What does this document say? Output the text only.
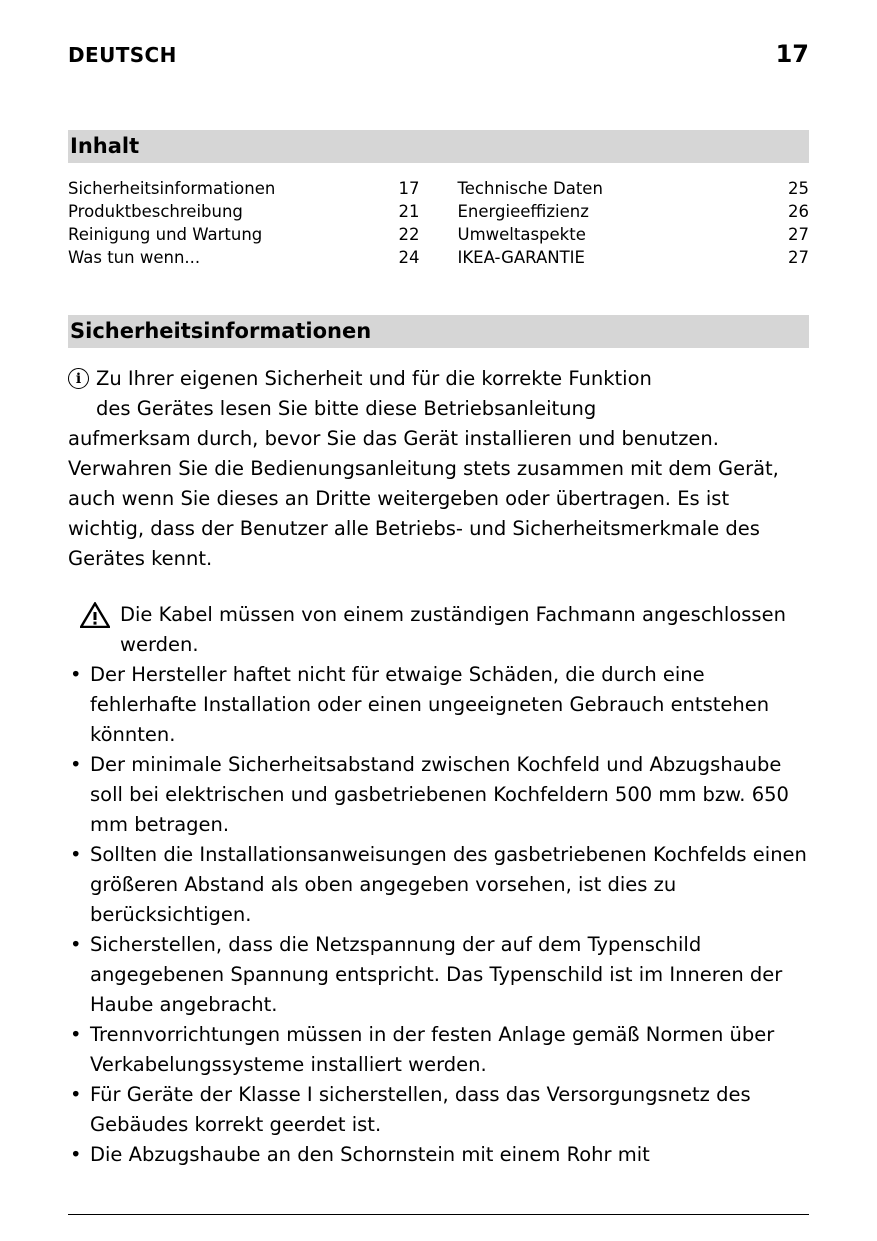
DEUTSCH	17
Inhalt
Sicherheitsinformationen	17
Produktbeschreibung	21
Reinigung und Wartung	22
Was tun wenn...	24
Technische Daten	25
Energieeffizienz	26
Umweltaspekte	27
IKEA-GARANTIE	27
Sicherheitsinformationen
i Zu Ihrer eigenen Sicherheit und für die korrekte Funktion
des Gerätes lesen Sie bitte diese Betriebsanleitung
aufmerksam durch, bevor Sie das Gerät installieren und benutzen. Verwahren Sie die Bedienungsanleitung stets zusammen mit dem Gerät, auch wenn Sie dieses an Dritte weitergeben oder übertragen. Es ist wichtig, dass der Benutzer alle Betriebs- und Sicherheitsmerkmale des Gerätes kennt.
Die Kabel müssen von einem zuständigen Fachmann angeschlossen werden.
• Der Hersteller haftet nicht für etwaige Schäden, die durch eine fehlerhafte Installation oder einen ungeeigneten Gebrauch entstehen könnten.
• Der minimale Sicherheitsabstand zwischen Kochfeld und Abzugshaube soll bei elektrischen und gasbetriebenen Kochfeldern 500 mm bzw. 650 mm betragen.
• Sollten die Installationsanweisungen des gasbetriebenen Kochfelds einen größeren Abstand als oben angegeben vorsehen, ist dies zu berücksichtigen.
• Sicherstellen, dass die Netzspannung der auf dem Typenschild angegebenen Spannung entspricht. Das Typenschild ist im Inneren der Haube angebracht.
• Trennvorrichtungen müssen in der festen Anlage gemäß Normen über Verkabelungssysteme installiert werden.
• Für Geräte der Klasse I sicherstellen, dass das Versorgungsnetz des Gebäudes korrekt geerdet ist.
• Die Abzugshaube an den Schornstein mit einem Rohr mit
